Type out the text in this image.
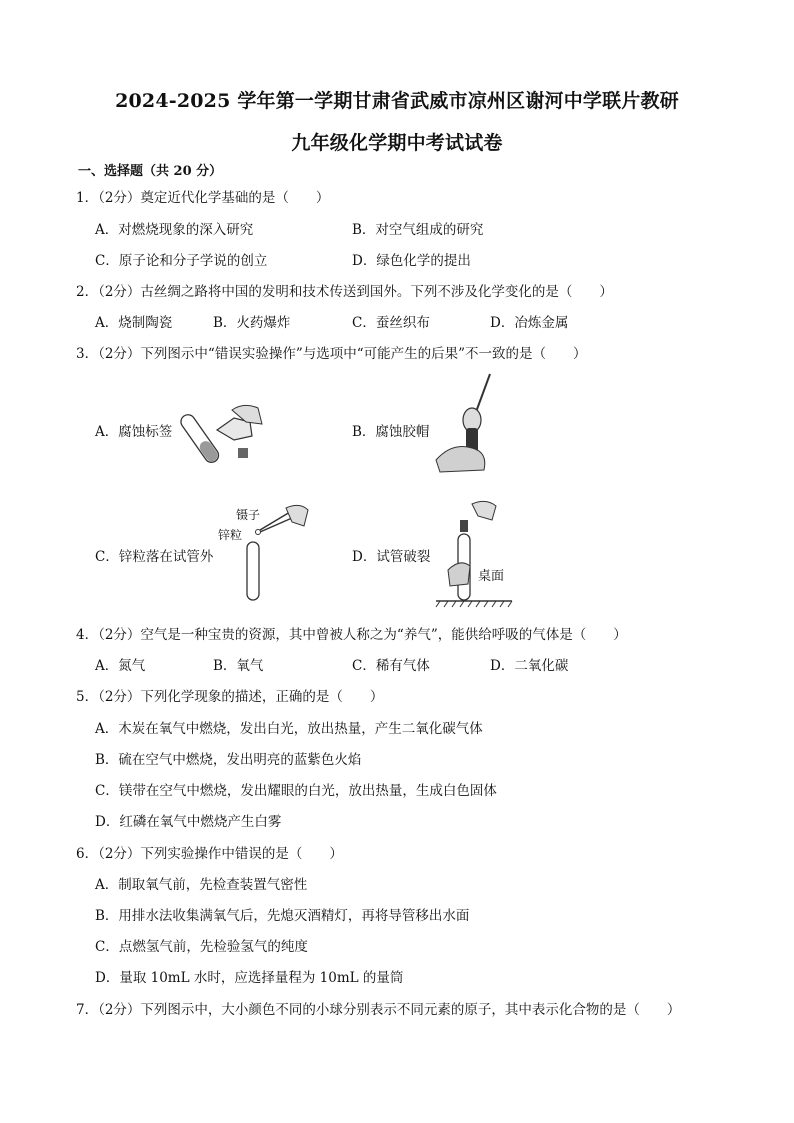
2024-2025 学年第一学期甘肃省武威市凉州区谢河中学联片教研
九年级化学期中考试试卷
一、选择题（共 20 分）
1．（2分）奠定近代化学基础的是（　　）
A．对燃烧现象的深入研究	B．对空气组成的研究
C．原子论和分子学说的创立	D．绿色化学的提出
2．（2分）古丝绸之路将中国的发明和技术传送到国外。下列不涉及化学变化的是（　　）
A．烧制陶瓷	B．火药爆炸	C．蚕丝织布	D．冶炼金属
3．（2分）下列图示中“错误实验操作”与选项中“可能产生的后果”不一致的是（　　）
A．腐蚀标签	B．腐蚀胶帽
C．锌粒落在试管外	D．试管破裂
镊子
锌粒
桌面
4．（2分）空气是一种宝贵的资源，其中曾被人称之为“养气”，能供给呼吸的气体是（　　）
A．氮气	B．氧气	C．稀有气体	D．二氧化碳
5．（2分）下列化学现象的描述，正确的是（　　）
A．木炭在氧气中燃烧，发出白光，放出热量，产生二氧化碳气体
B．硫在空气中燃烧，发出明亮的蓝紫色火焰
C．镁带在空气中燃烧，发出耀眼的白光，放出热量，生成白色固体
D．红磷在氧气中燃烧产生白雾
6．（2分）下列实验操作中错误的是（　　）
A．制取氧气前，先检查装置气密性
B．用排水法收集满氧气后，先熄灭酒精灯，再将导管移出水面
C．点燃氢气前，先检验氢气的纯度
D．量取 10mL 水时，应选择量程为 10mL 的量筒
7．（2分）下列图示中，大小颜色不同的小球分别表示不同元素的原子，其中表示化合物的是（　　）
